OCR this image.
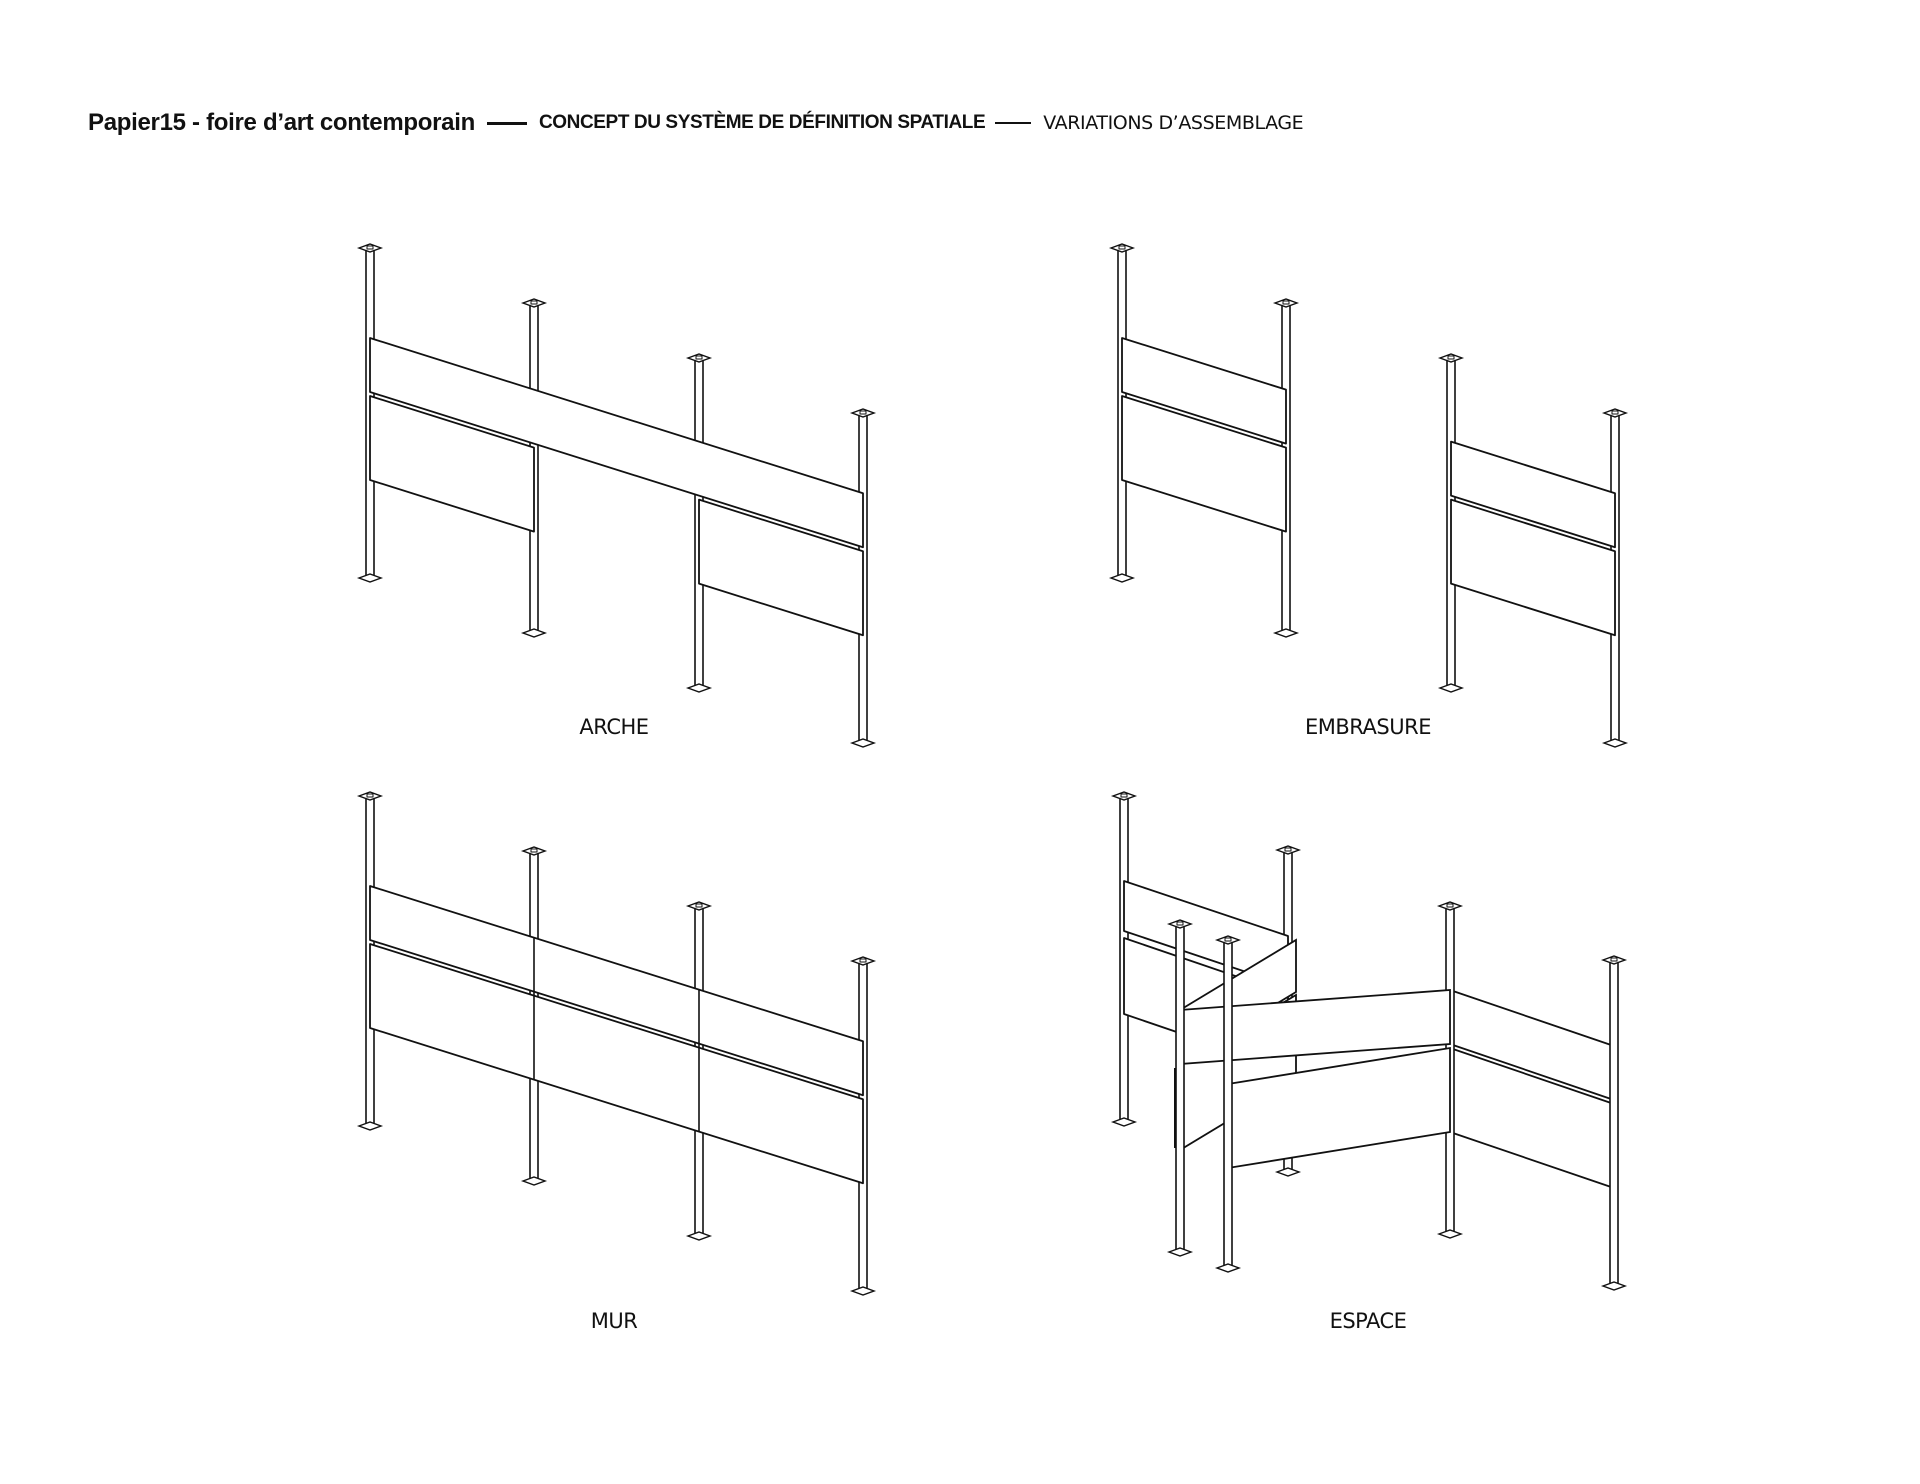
Papier15 - foire d’art contemporain	CONCEPT DU SYSTÈME DE DÉFINITION SPATIALE	VARIATIONS D’ASSEMBLAGE
ARCHE	EMBRASURE
MUR	ESPACE
